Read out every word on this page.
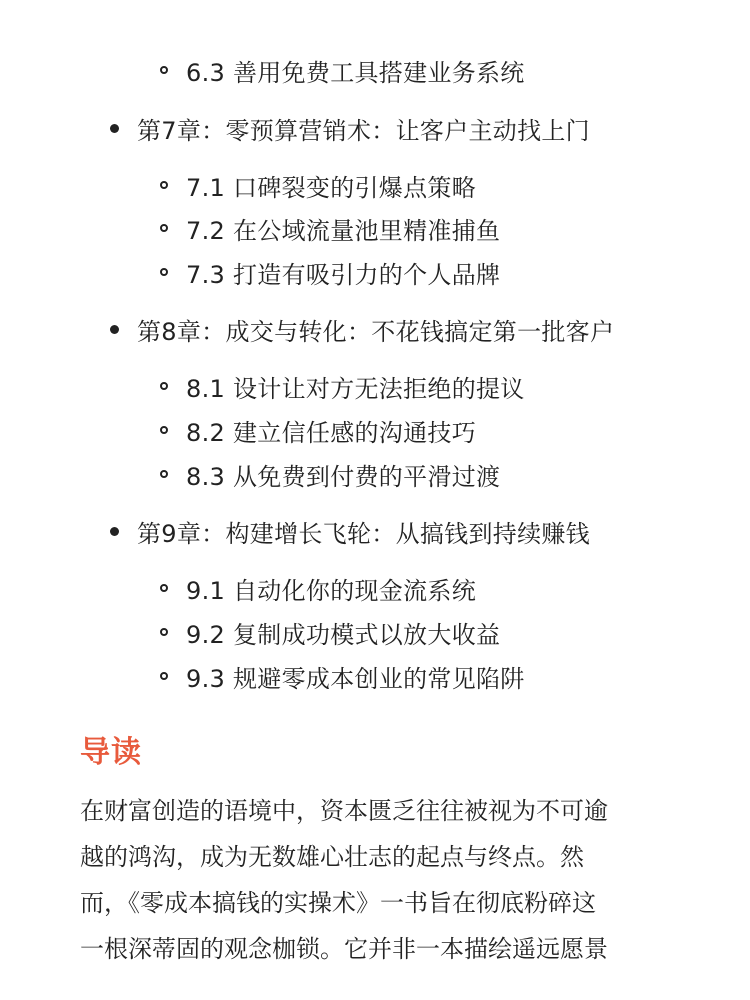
6.3 善用免费工具搭建业务系统
第7章：零预算营销术：让客户主动找上门
7.1 口碑裂变的引爆点策略
7.2 在公域流量池里精准捕鱼
7.3 打造有吸引力的个人品牌
第8章：成交与转化：不花钱搞定第一批客户
8.1 设计让对方无法拒绝的提议
8.2 建立信任感的沟通技巧
8.3 从免费到付费的平滑过渡
第9章：构建增长飞轮：从搞钱到持续赚钱
9.1 自动化你的现金流系统
9.2 复制成功模式以放大收益
9.3 规避零成本创业的常见陷阱
导读

在财富创造的语境中，资本匮乏往往被视为不可逾
越的鸿沟，成为无数雄心壮志的起点与终点。然
而，《零成本搞钱的实操术》一书旨在彻底粉碎这
一根深蒂固的观念枷锁。它并非一本描绘遥远愿景
